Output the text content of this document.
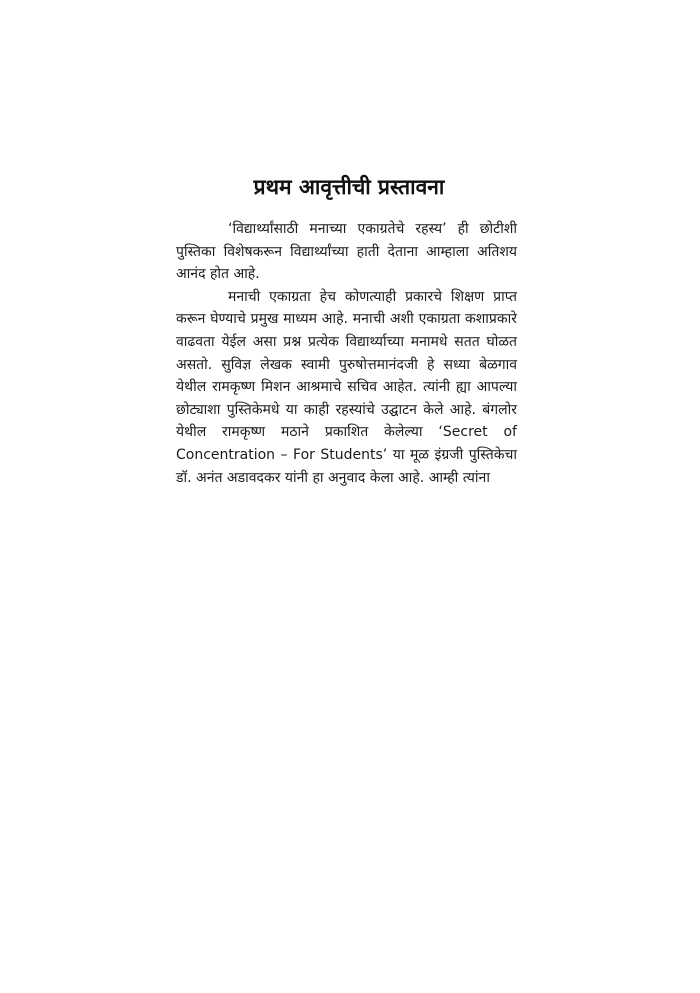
प्रथम आवृत्तीची प्रस्तावना

‘विद्यार्थ्यांसाठी मनाच्या एकाग्रतेचे रहस्य’ ही छोटीशी पुस्तिका विशेषकरून विद्यार्थ्यांच्या हाती देताना आम्हाला अतिशय आनंद होत आहे.

मनाची एकाग्रता हेच कोणत्याही प्रकारचे शिक्षण प्राप्त करून घेण्याचे प्रमुख माध्यम आहे. मनाची अशी एकाग्रता कशाप्रकारे वाढवता येईल असा प्रश्न प्रत्येक विद्यार्थ्याच्या मनामधे सतत घोळत असतो. सुविज्ञ लेखक स्वामी पुरुषोत्तमानंदजी हे सध्या बेळगाव येथील रामकृष्ण मिशन आश्रमाचे सचिव आहेत. त्यांनी ह्या आपल्या छोट्याशा पुस्तिकेमधे या काही रहस्यांचे उद्घाटन केले आहे. बंगलोर येथील रामकृष्ण मठाने प्रकाशित केलेल्या ‘Secret of Concentration – For Students’ या मूळ इंग्रजी पुस्तिकेचा डॉ. अनंत अडावदकर यांनी हा अनुवाद केला आहे. आम्ही त्यांना
